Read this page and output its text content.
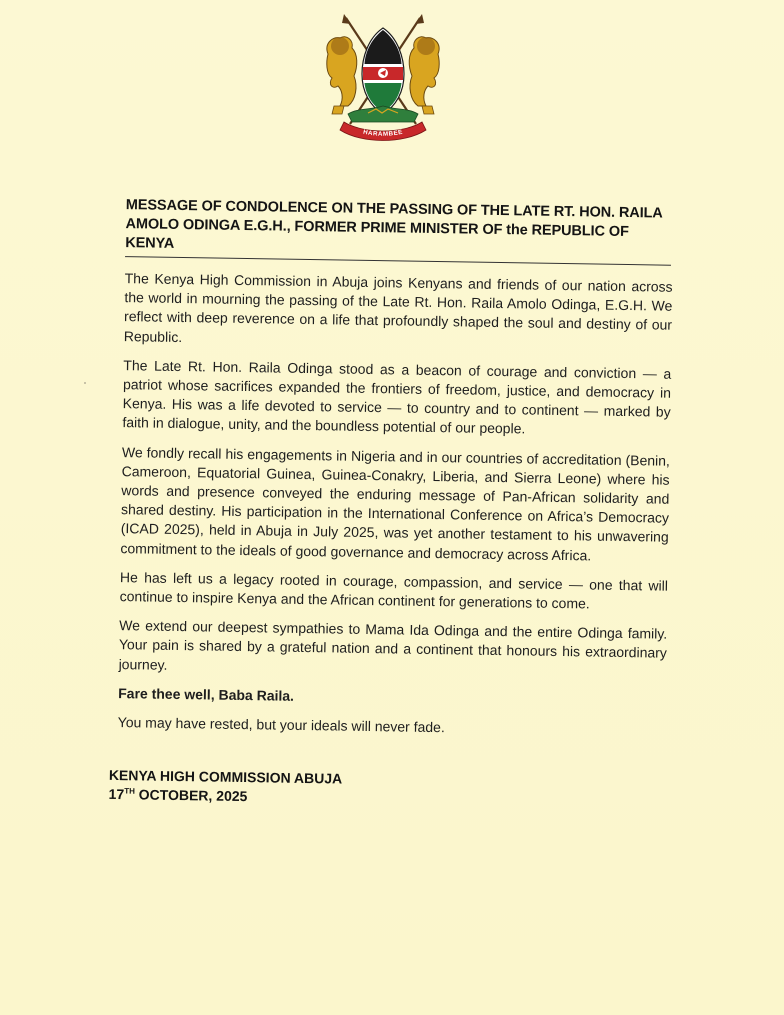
HARAMBEE
MESSAGE OF CONDOLENCE ON THE PASSING OF THE LATE RT. HON. RAILA AMOLO ODINGA E.G.H., FORMER PRIME MINISTER OF the REPUBLIC OF KENYA

The Kenya High Commission in Abuja joins Kenyans and friends of our nation across the world in mourning the passing of the Late Rt. Hon. Raila Amolo Odinga, E.G.H. We reflect with deep reverence on a life that profoundly shaped the soul and destiny of our Republic.

The Late Rt. Hon. Raila Odinga stood as a beacon of courage and conviction — a patriot whose sacrifices expanded the frontiers of freedom, justice, and democracy in Kenya. His was a life devoted to service — to country and to continent — marked by faith in dialogue, unity, and the boundless potential of our people.

We fondly recall his engagements in Nigeria and in our countries of accreditation (Benin, Cameroon, Equatorial Guinea, Guinea-Conakry, Liberia, and Sierra Leone) where his words and presence conveyed the enduring message of Pan-African solidarity and shared destiny. His participation in the International Conference on Africa’s Democracy (ICAD 2025), held in Abuja in July 2025, was yet another testament to his unwavering commitment to the ideals of good governance and democracy across Africa.

He has left us a legacy rooted in courage, compassion, and service — one that will continue to inspire Kenya and the African continent for generations to come.

We extend our deepest sympathies to Mama Ida Odinga and the entire Odinga family. Your pain is shared by a grateful nation and a continent that honours his extraordinary journey.

Fare thee well, Baba Raila.

You may have rested, but your ideals will never fade.

KENYA HIGH COMMISSION ABUJA
17TH OCTOBER, 2025
